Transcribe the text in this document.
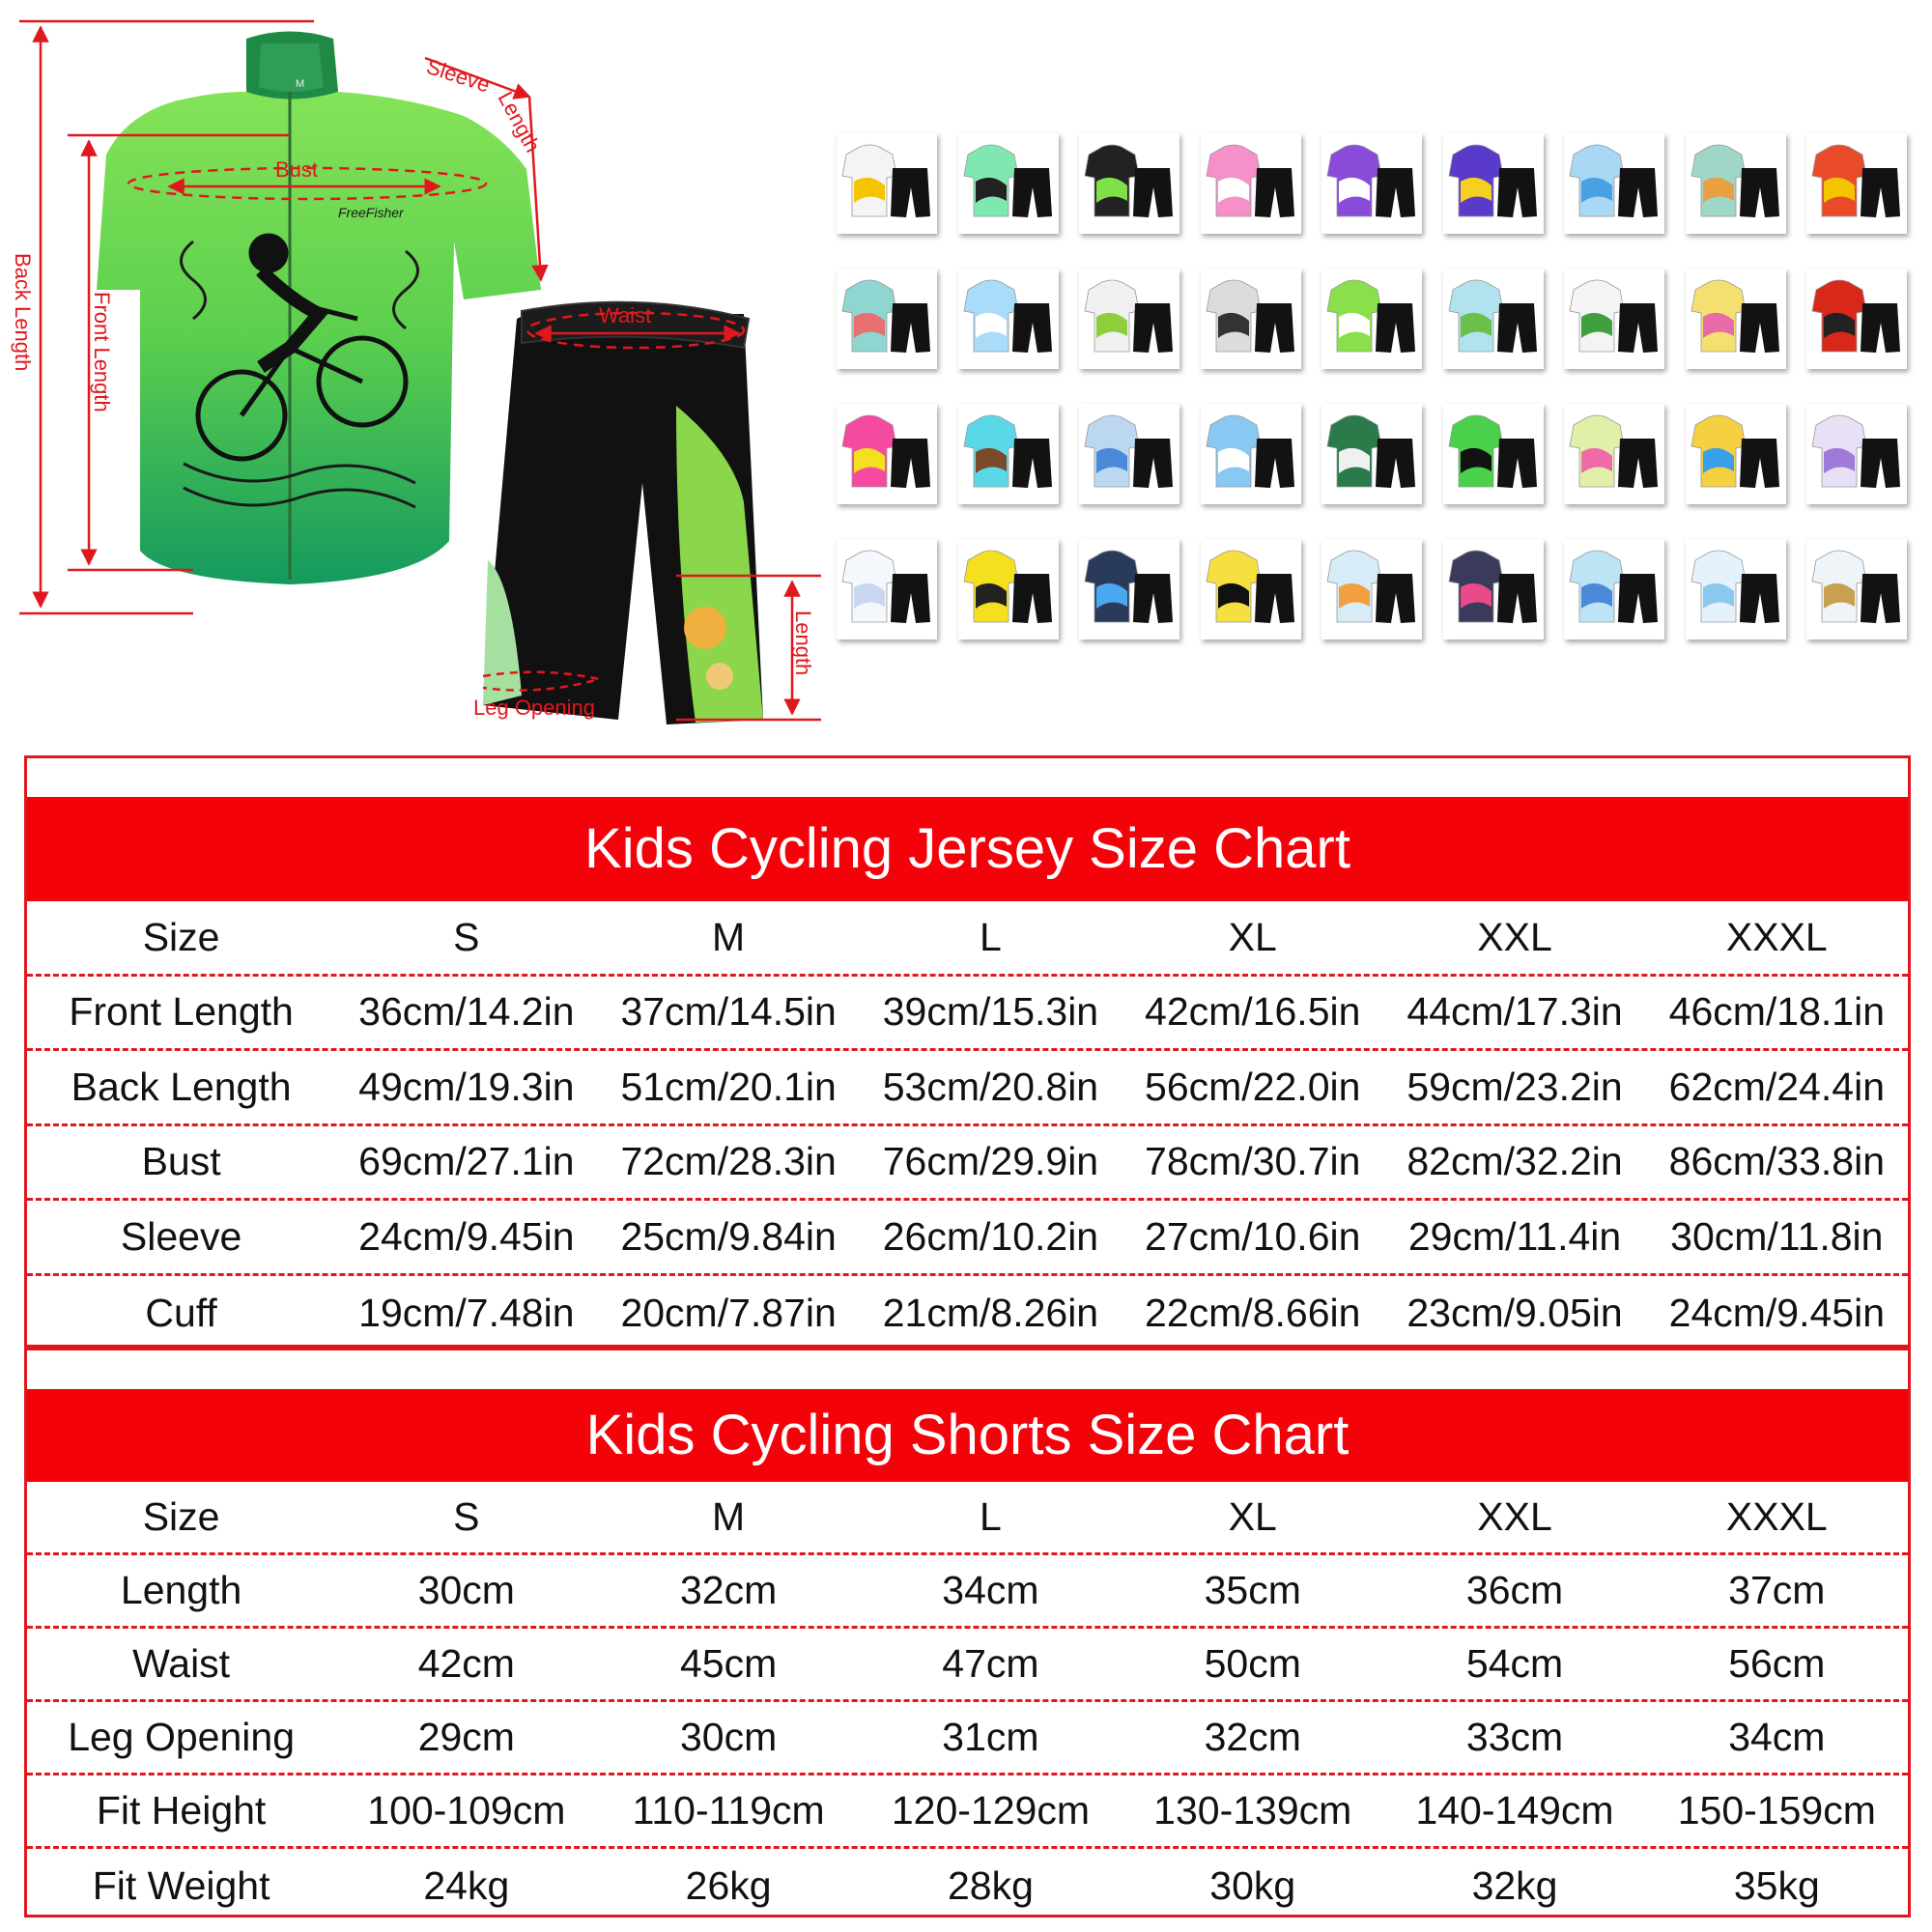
M
FreeFisher
Sleeve
Length
Bust
Back Length	Front Length	Waist
Length
Leg Opening
Kids Cycling Jersey Size Chart
Size	S	M	L	XL	XXL	XXXL
Front Length	36cm/14.2in	37cm/14.5in	39cm/15.3in	42cm/16.5in	44cm/17.3in	46cm/18.1in
Back Length	49cm/19.3in	51cm/20.1in	53cm/20.8in	56cm/22.0in	59cm/23.2in	62cm/24.4in
Bust	69cm/27.1in	72cm/28.3in	76cm/29.9in	78cm/30.7in	82cm/32.2in	86cm/33.8in
Sleeve	24cm/9.45in	25cm/9.84in	26cm/10.2in	27cm/10.6in	29cm/11.4in	30cm/11.8in
Cuff	19cm/7.48in	20cm/7.87in	21cm/8.26in	22cm/8.66in	23cm/9.05in	24cm/9.45in
Kids Cycling Shorts Size Chart
Size	S	M	L	XL	XXL	XXXL
Length	30cm	32cm	34cm	35cm	36cm	37cm
Waist	42cm	45cm	47cm	50cm	54cm	56cm
Leg Opening	29cm	30cm	31cm	32cm	33cm	34cm
Fit Height	100-109cm	110-119cm	120-129cm	130-139cm	140-149cm	150-159cm
Fit Weight	24kg	26kg	28kg	30kg	32kg	35kg
